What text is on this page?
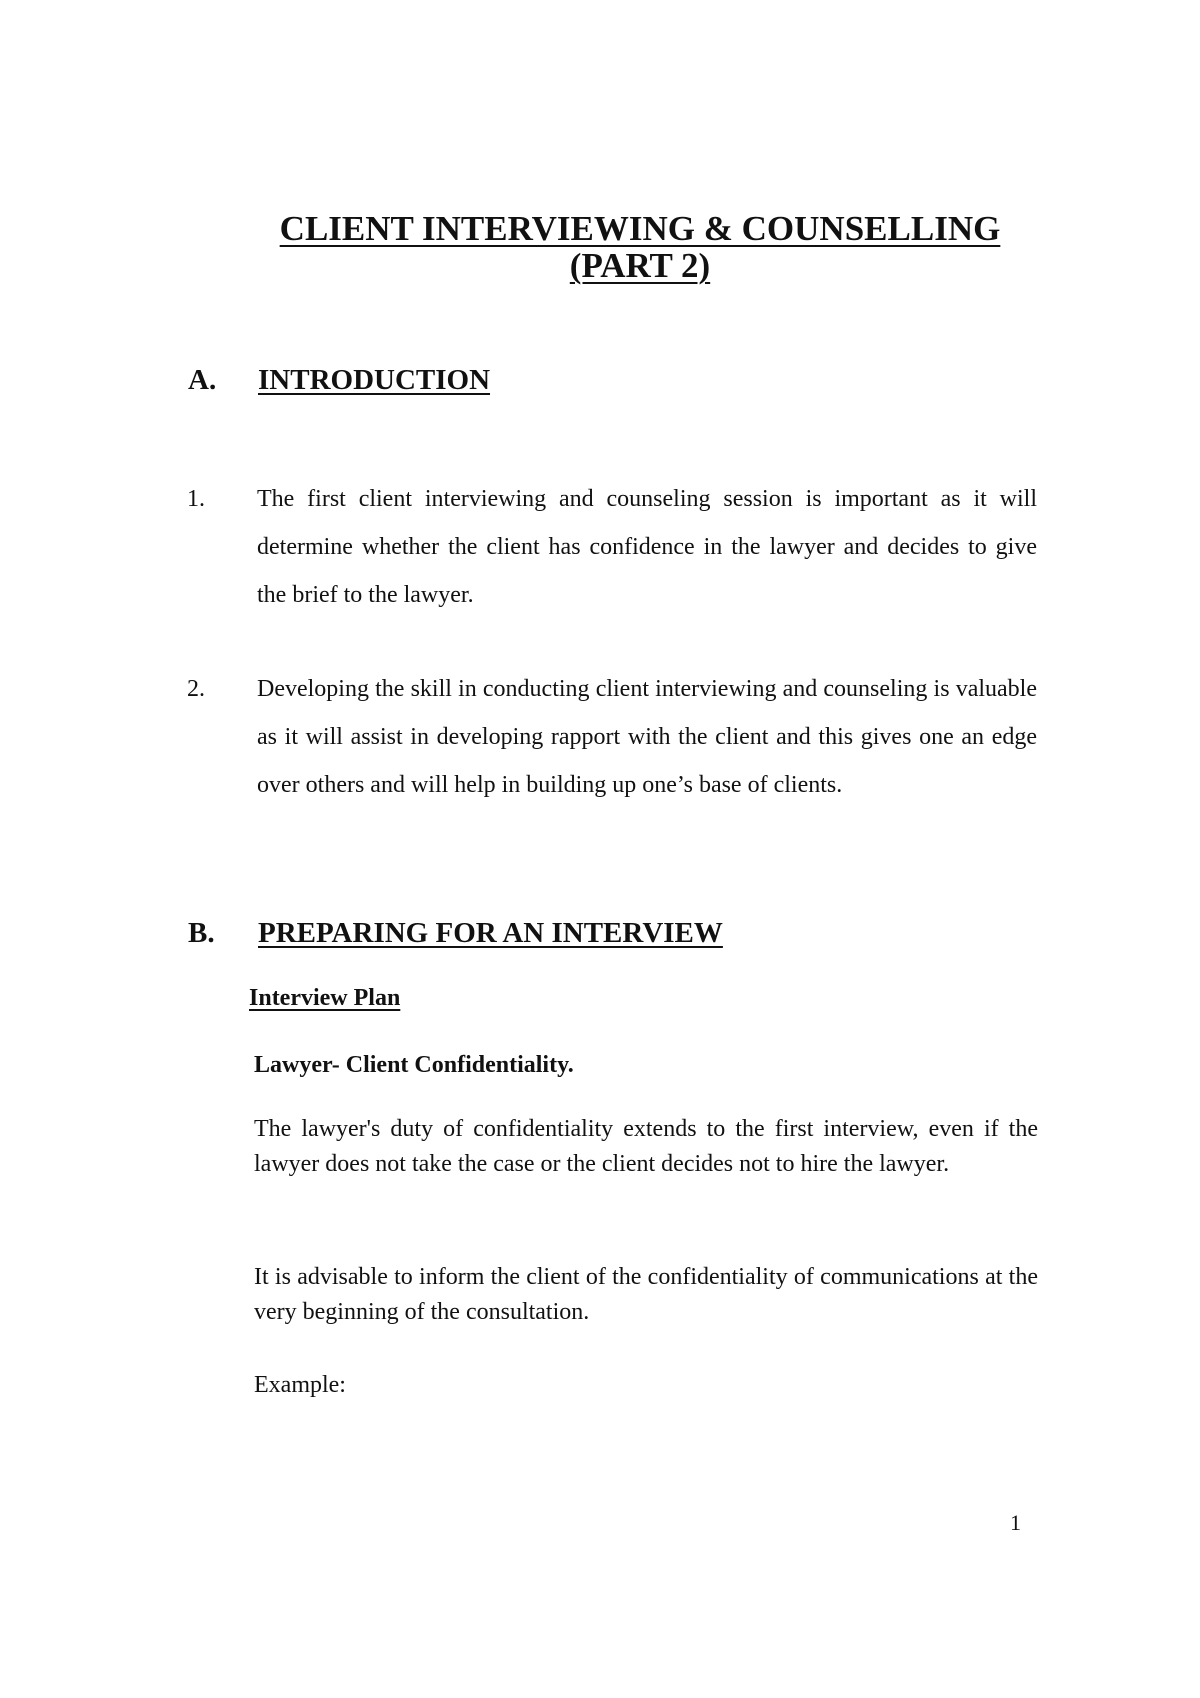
CLIENT INTERVIEWING & COUNSELLING
(PART 2)
A. INTRODUCTION
1. The first client interviewing and counseling session is important as it will determine whether the client has confidence in the lawyer and decides to give the brief to the lawyer.
2. Developing the skill in conducting client interviewing and counseling is valuable as it will assist in developing rapport with the client and this gives one an edge over others and will help in building up one’s base of clients.
B. PREPARING FOR AN INTERVIEW
Interview Plan
Lawyer- Client Confidentiality.
The lawyer's duty of confidentiality extends to the first interview, even if the lawyer does not take the case or the client decides not to hire the lawyer.
It is advisable to inform the client of the confidentiality of communications at the very beginning of the consultation.
Example:
1
